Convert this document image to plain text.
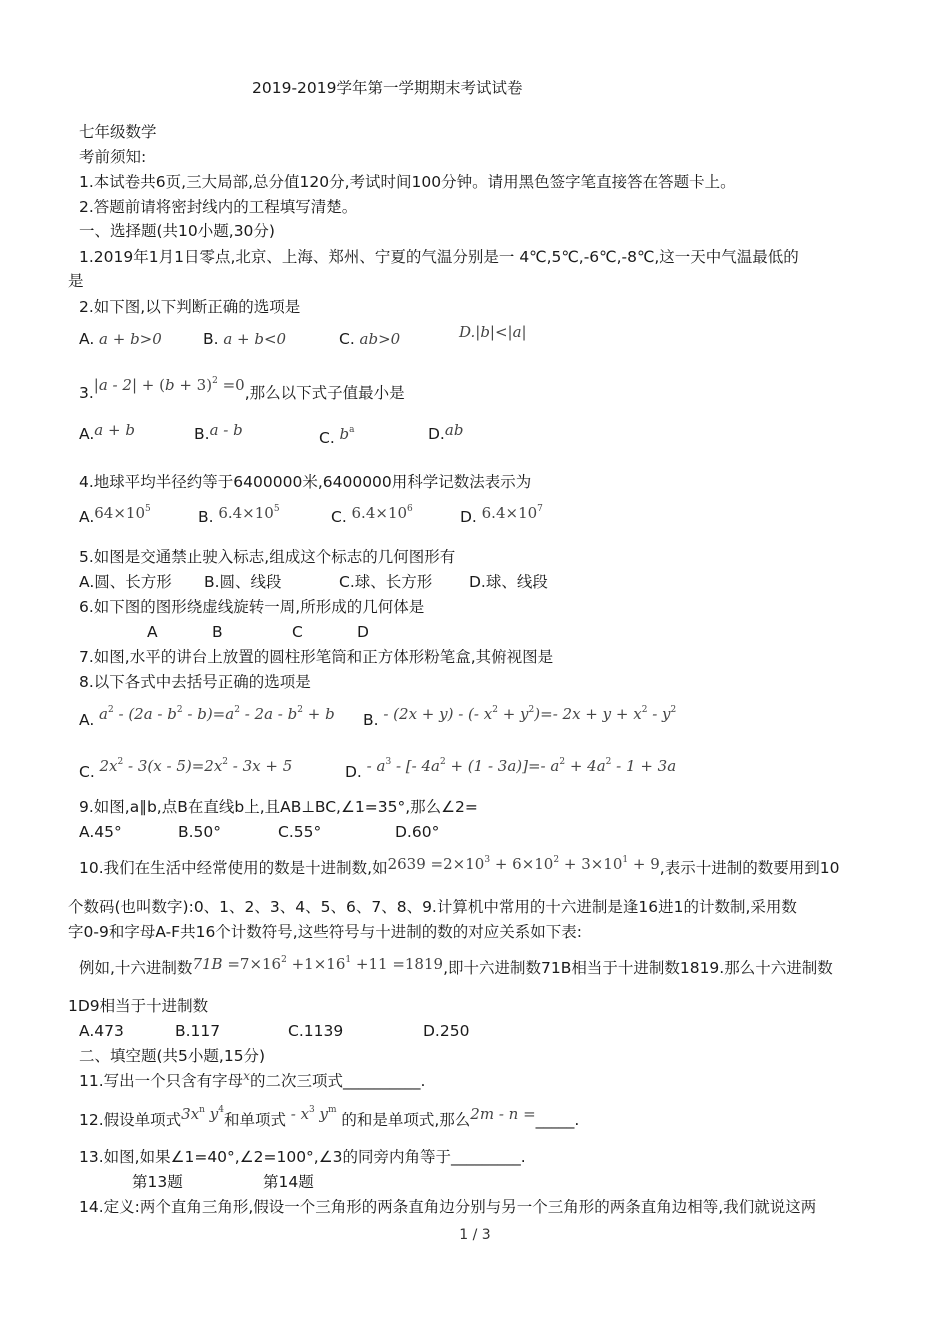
2019-2019学年第一学期期末考试试卷
七年级数学
考前须知:
1.本试卷共6页,三大局部,总分值120分,考试时间100分钟。请用黑色签字笔直接答在答题卡上。
2.答题前请将密封线内的工程填写清楚。
一、选择题(共10小题,30分)
1.2019年1月1日零点,北京、上海、郑州、宁夏的气温分别是一 4℃,5℃,-6℃,-8℃,这一天中气温最低的
是
2.如下图,以下判断正确的选项是
A. a + b>0	B. a + b<0	C. ab>0	D.|b|<|a|
$3.|a - 2| + (b + 3)^2 =0$,那么以下式子值最小是
A.a + b	B.a - b	C. $b^a$	D.ab
4.地球平均半径约等于6400000米,6400000用科学记数法表示为
$A.64\times 10^5$	B. $6.4\times 10^5$	C. $6.4\times 10^6$	D. $6.4\times 10^7$
5.如图是交通禁止驶入标志,组成这个标志的几何图形有
A.圆、长方形 B.圆、线段	C.球、长方形 D.球、线段
6.如下图的图形绕虚线旋转一周,所形成的几何体是
A	B	C	D
7.如图,水平的讲台上放置的圆柱形笔筒和正方体形粉笔盒,其俯视图是
8.以下各式中去括号正确的选项是
A. $a^2 - (2a - b^2 - b)=a^2 - 2a - b^2 + b$ B. - (2x + y) - (- $x^2 + y^2)=-$ $2x + y + x^2 - y^2$
C. $2x^2 - 3(x - 5)=2x^2 - 3x + 5$	D. - $a^3$ - [- $4a^2 + (1 - 3a)]=-$ $a^2 + 4a^2 - 1 + 3a$
9.如图,a∥b,点B在直线b上,且AB⊥BC,∠1=35°,那么∠2=
A.45°	B.50°	C.55°	D.60°
10.我们在生活中经常使用的数是十进制数,如$2639 =2\times 10^3 + 6\times 10^2 + 3\times 10^1 + 9$,表示十进制的数要用到10
个数码(也叫数字):0、1、2、3、4、5、6、7、8、9.计算机中常用的十六进制是逢16进1的计数制,采用数
字0-9和字母A-F共16个计数符号,这些符号与十进制的数的对应关系如下表:
例如,十六进制数$71B =7\times 16^2 +1\times 16^1 +11 =1819$,即十六进制数71B相当于十进制数1819.那么十六进制数
1D9相当于十进制数
A.473	B.117	C.1139	D.250
二、填空题(共5小题,15分)
11.写出一个只含有字母$^x$的二次三项式__________.
12.假设单项式$3x^n$ $y^4$和单项式 - $x^3$ $y^m$ 的和是单项式,那么2m - n =_____.
13.如图,如果∠1=40°,∠2=100°,∠3的同旁内角等于_________.
第13题	第14题
14.定义:两个直角三角形,假设一个三角形的两条直角边分别与另一个三角形的两条直角边相等,我们就说这两
1 / 3
